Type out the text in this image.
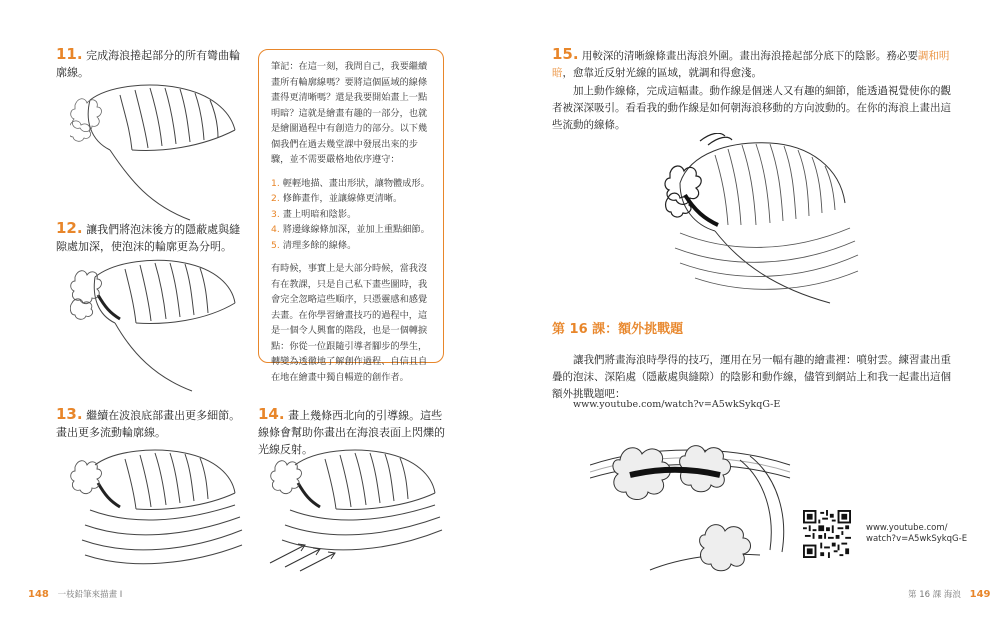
11. 完成海浪捲起部分的所有彎曲輪廓線。
12. 讓我們將泡沫後方的隱蔽處與縫隙處加深，使泡沫的輪廓更為分明。

筆記：在這一刻，我問自己，我要繼續畫所有輪廓線嗎？要將這個區域的線條畫得更清晰嗎？還是我要開始畫上一點明暗？這就是繪畫有趣的一部分，也就是繪圖過程中有創造力的部分。以下幾個我們在過去幾堂課中發展出來的步驟，並不需要嚴格地依序遵守：

1. 輕輕地描、畫出形狀，讓物體成形。
2. 修飾畫作，並讓線條更清晰。
3. 畫上明暗和陰影。
4. 將邊緣線條加深，並加上重點細節。
5. 清理多餘的線條。

有時候，事實上是大部分時候，當我沒有在教課，只是自己私下畫些圖時，我會完全忽略這些順序，只憑靈感和感覺去畫。在你學習繪畫技巧的過程中，這是一個令人興奮的階段，也是一個轉捩點：你從一位跟隨引導者腳步的學生，轉變為透徹地了解創作過程、自信且自在地在繪畫中獨自暢遊的創作者。

13. 繼續在波浪底部畫出更多細節。畫出更多流動輪廓線。
14. 畫上幾條西北向的引導線。這些線條會幫助你畫出在海浪表面上閃爍的光線反射。
148 一枝鉛筆來描畫 I
15. 用較深的清晰線條畫出海浪外圍。畫出海浪捲起部分底下的陰影。務必要調和明暗，愈靠近反射光線的區域，就調和得愈淺。
加上動作線條，完成這幅畫。動作線是個迷人又有趣的細節，能透過視覺使你的觀者被深深吸引。看看我的動作線是如何朝海浪移動的方向波動的。在你的海浪上畫出這些流動的線條。
第 16 課：額外挑戰題
讓我們將畫海浪時學得的技巧，運用在另一幅有趣的繪畫裡：噴射雲。練習畫出重疊的泡沫、深陷處（隱蔽處與縫隙）的陰影和動作線，儘管到網站上和我一起畫出這個額外挑戰題吧：
www.youtube.com/watch?v=A5wkSykqG-E
www.youtube.com/
watch?v=A5wkSykqG-E
第 16 課 海浪 149
